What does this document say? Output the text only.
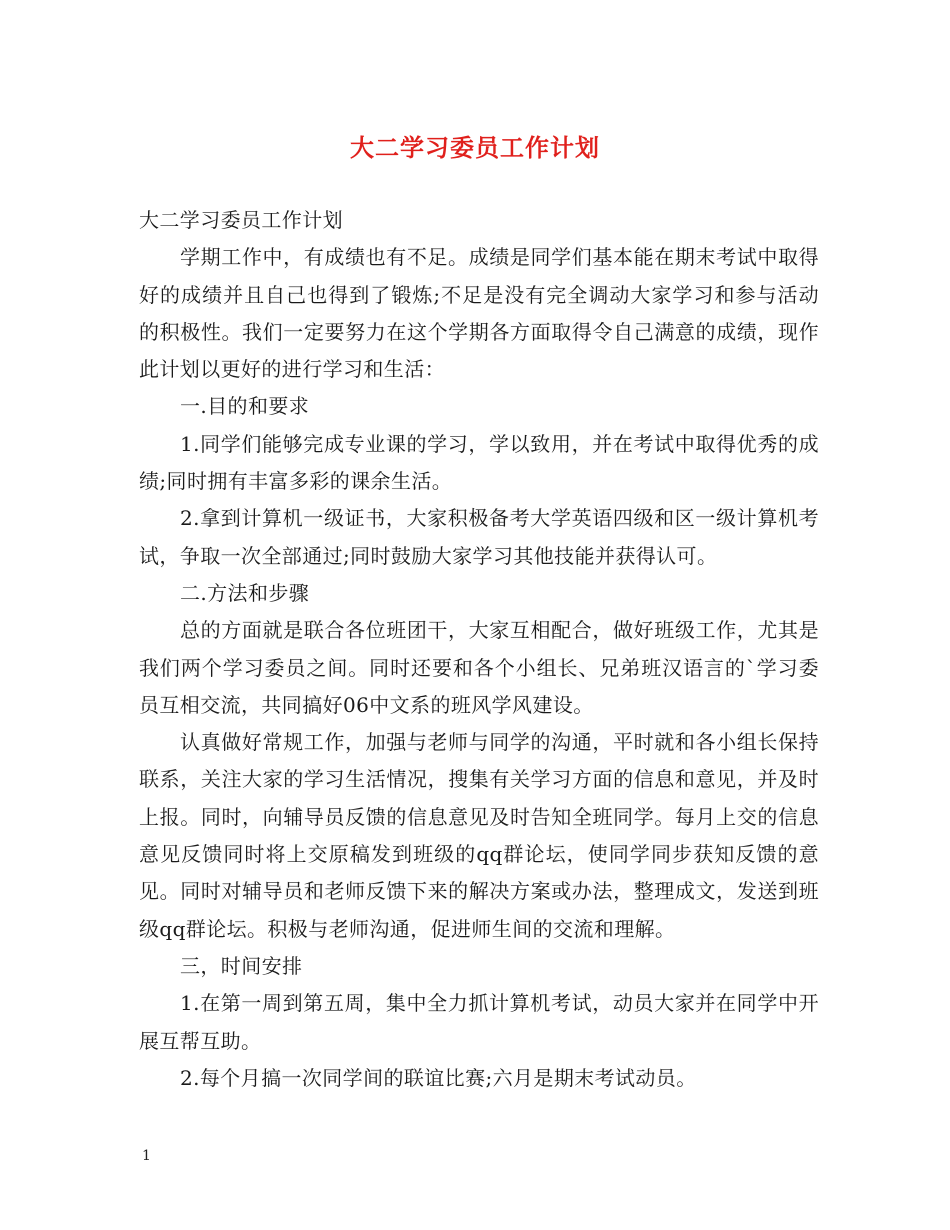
大二学习委员工作计划

大二学习委员工作计划

学期工作中，有成绩也有不足。成绩是同学们基本能在期末考试中取得好的成绩并且自己也得到了锻炼;不足是没有完全调动大家学习和参与活动的积极性。我们一定要努力在这个学期各方面取得令自己满意的成绩，现作此计划以更好的进行学习和生活：

一.目的和要求

1.同学们能够完成专业课的学习，学以致用，并在考试中取得优秀的成绩;同时拥有丰富多彩的课余生活。

2.拿到计算机一级证书，大家积极备考大学英语四级和区一级计算机考试，争取一次全部通过;同时鼓励大家学习其他技能并获得认可。

二.方法和步骤

总的方面就是联合各位班团干，大家互相配合，做好班级工作，尤其是我们两个学习委员之间。同时还要和各个小组长、兄弟班汉语言的`学习委员互相交流，共同搞好06中文系的班风学风建设。

认真做好常规工作，加强与老师与同学的沟通，平时就和各小组长保持联系，关注大家的学习生活情况，搜集有关学习方面的信息和意见，并及时上报。同时，向辅导员反馈的信息意见及时告知全班同学。每月上交的信息意见反馈同时将上交原稿发到班级的qq群论坛，使同学同步获知反馈的意见。同时对辅导员和老师反馈下来的解决方案或办法，整理成文，发送到班级qq群论坛。积极与老师沟通，促进师生间的交流和理解。

三，时间安排

1.在第一周到第五周，集中全力抓计算机考试，动员大家并在同学中开展互帮互助。

2.每个月搞一次同学间的联谊比赛;六月是期末考试动员。

1
